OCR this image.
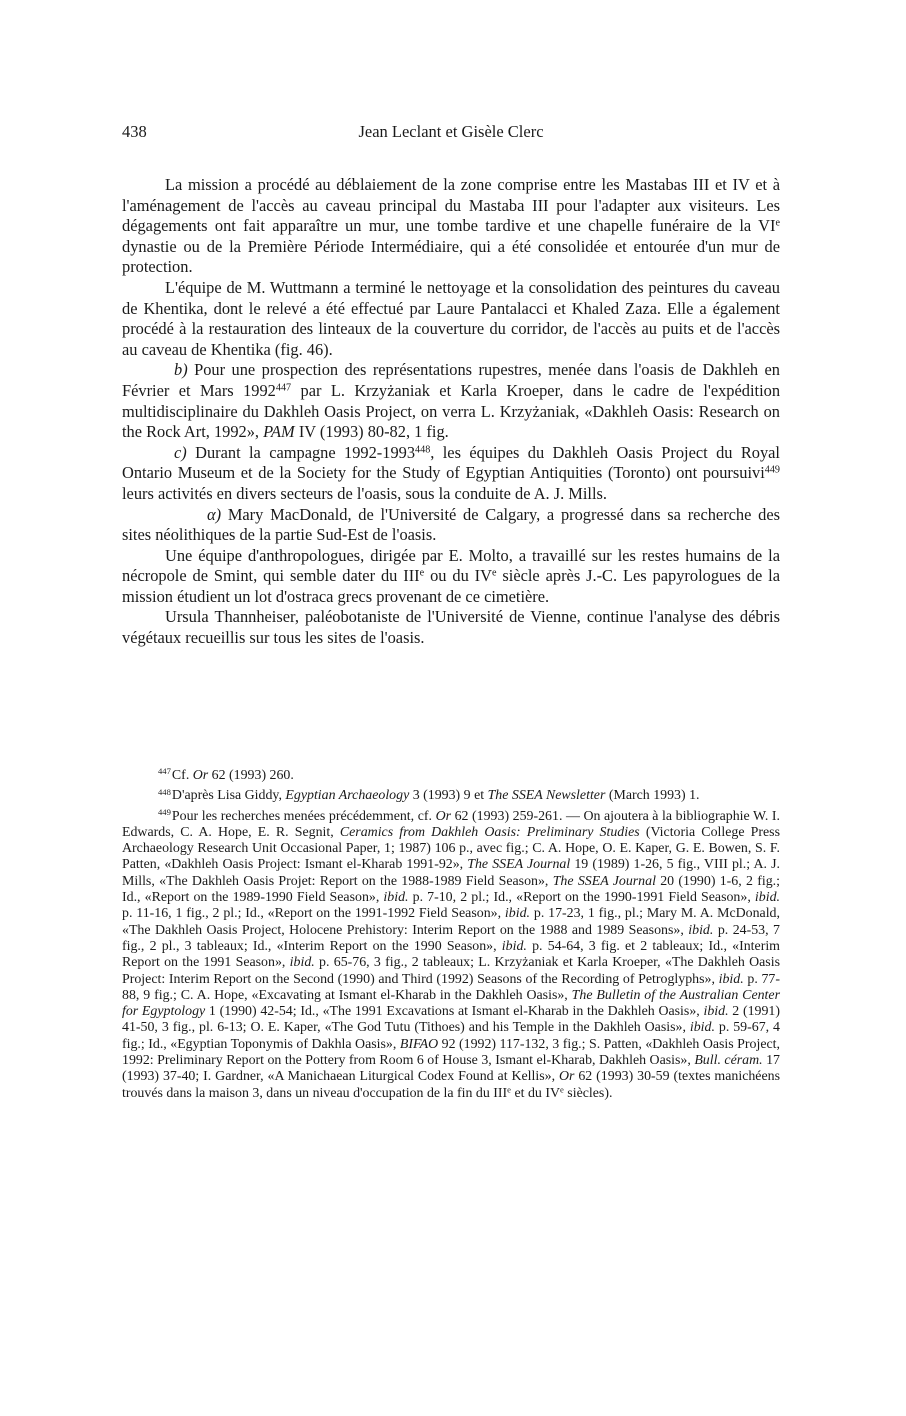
438	Jean Leclant et Gisèle Clerc

La mission a procédé au déblaiement de la zone comprise entre les Mastabas III et IV et à l'aménagement de l'accès au caveau principal du Mastaba III pour l'adapter aux visiteurs. Les dégagements ont fait apparaître un mur, une tombe tardive et une chapelle funéraire de la VIe dynastie ou de la Première Période Intermédiaire, qui a été consolidée et entourée d'un mur de protection.

L'équipe de M. Wuttmann a terminé le nettoyage et la consolidation des peintures du caveau de Khentika, dont le relevé a été effectué par Laure Pantalacci et Khaled Zaza. Elle a également procédé à la restauration des linteaux de la couverture du corridor, de l'accès au puits et de l'accès au caveau de Khentika (fig. 46).

b) Pour une prospection des représentations rupestres, menée dans l'oasis de Dakhleh en Février et Mars 1992$^{447}$ par L. Krzyżaniak et Karla Kroeper, dans le cadre de l'expédition multidisciplinaire du Dakhleh Oasis Project, on verra L. Krzyżaniak, «Dakhleh Oasis: Research on the Rock Art, 1992», PAM IV (1993) 80-82, 1 fig.

c) Durant la campagne 1992-1993$^{448}$, les équipes du Dakhleh Oasis Project du Royal Ontario Museum et de la Society for the Study of Egyptian Antiquities (Toronto) ont poursuivi$^{449}$ leurs activités en divers secteurs de l'oasis, sous la conduite de A. J. Mills.

α) Mary MacDonald, de l'Université de Calgary, a progressé dans sa recherche des sites néolithiques de la partie Sud-Est de l'oasis.

Une équipe d'anthropologues, dirigée par E. Molto, a travaillé sur les restes humains de la nécropole de Smint, qui semble dater du IIIe ou du IVe siècle après J.-C. Les papyrologues de la mission étudient un lot d'ostraca grecs provenant de ce cimetière.

Ursula Thannheiser, paléobotaniste de l'Université de Vienne, continue l'analyse des débris végétaux recueillis sur tous les sites de l'oasis.

$^{447}$Cf. Or 62 (1993) 260.

$^{448}$D'après Lisa Giddy, Egyptian Archaeology 3 (1993) 9 et The SSEA Newsletter (March 1993) 1.

$^{449}$Pour les recherches menées précédemment, cf. Or 62 (1993) 259-261. — On ajoutera à la bibliographie W. I. Edwards, C. A. Hope, E. R. Segnit, Ceramics from Dakhleh Oasis: Preliminary Studies (Victoria College Press Archaeology Research Unit Occasional Paper, 1; 1987) 106 p., avec fig.; C. A. Hope, O. E. Kaper, G. E. Bowen, S. F. Patten, «Dakhleh Oasis Project: Ismant el-Kharab 1991-92», The SSEA Journal 19 (1989) 1-26, 5 fig., VIII pl.; A. J. Mills, «The Dakhleh Oasis Projet: Report on the 1988-1989 Field Season», The SSEA Journal 20 (1990) 1-6, 2 fig.; Id., «Report on the 1989-1990 Field Season», ibid. p. 7-10, 2 pl.; Id., «Report on the 1990-1991 Field Season», ibid. p. 11-16, 1 fig., 2 pl.; Id., «Report on the 1991-1992 Field Season», ibid. p. 17-23, 1 fig., pl.; Mary M. A. McDonald, «The Dakhleh Oasis Project, Holocene Prehistory: Interim Report on the 1988 and 1989 Seasons», ibid. p. 24-53, 7 fig., 2 pl., 3 tableaux; Id., «Interim Report on the 1990 Season», ibid. p. 54-64, 3 fig. et 2 tableaux; Id., «Interim Report on the 1991 Season», ibid. p. 65-76, 3 fig., 2 tableaux; L. Krzyżaniak et Karla Kroeper, «The Dakhleh Oasis Project: Interim Report on the Second (1990) and Third (1992) Seasons of the Recording of Petroglyphs», ibid. p. 77-88, 9 fig.; C. A. Hope, «Excavating at Ismant el-Kharab in the Dakhleh Oasis», The Bulletin of the Australian Center for Egyptology 1 (1990) 42-54; Id., «The 1991 Excavations at Ismant el-Kharab in the Dakhleh Oasis», ibid. 2 (1991) 41-50, 3 fig., pl. 6-13; O. E. Kaper, «The God Tutu (Tithoes) and his Temple in the Dakhleh Oasis», ibid. p. 59-67, 4 fig.; Id., «Egyptian Toponymis of Dakhla Oasis», BIFAO 92 (1992) 117-132, 3 fig.; S. Patten, «Dakhleh Oasis Project, 1992: Preliminary Report on the Pottery from Room 6 of House 3, Ismant el-Kharab, Dakhleh Oasis», Bull. céram. 17 (1993) 37-40; I. Gardner, «A Manichaean Liturgical Codex Found at Kellis», Or 62 (1993) 30-59 (textes manichéens trouvés dans la maison 3, dans un niveau d'occupation de la fin du IIIe et du IVe siècles).
